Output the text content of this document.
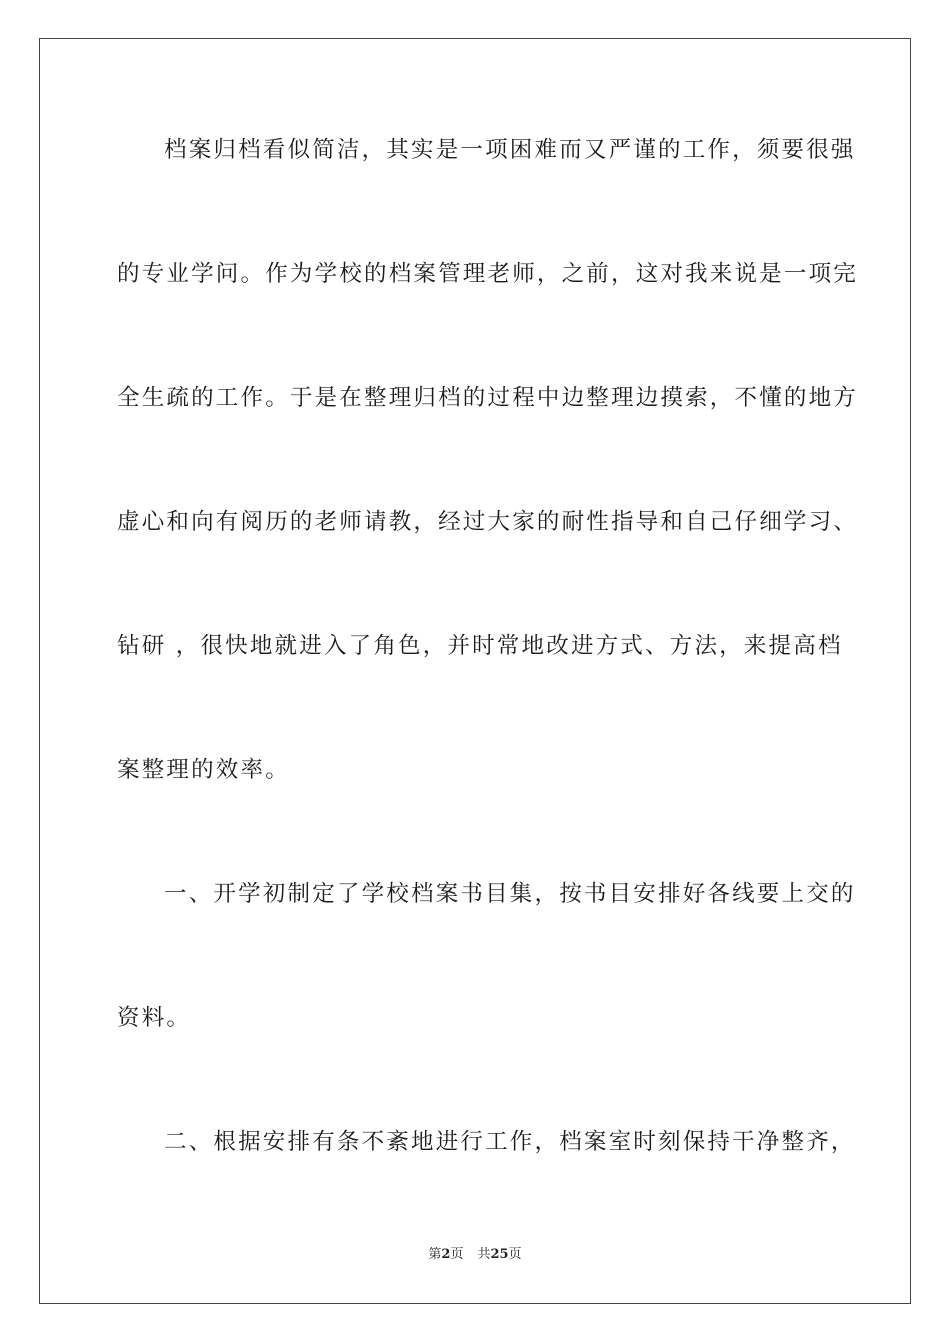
档案归档看似简洁，其实是一项困难而又严谨的工作，须要很强
的专业学问。作为学校的档案管理老师，之前，这对我来说是一项完
全生疏的工作。于是在整理归档的过程中边整理边摸索，不懂的地方
虚心和向有阅历的老师请教，经过大家的耐性指导和自己仔细学习、
钻研 ，很快地就进入了角色，并时常地改进方式、方法，来提高档
案整理的效率。
一、开学初制定了学校档案书目集，按书目安排好各线要上交的
资料。
二、根据安排有条不紊地进行工作，档案室时刻保持干净整齐，
第2页 共25页
